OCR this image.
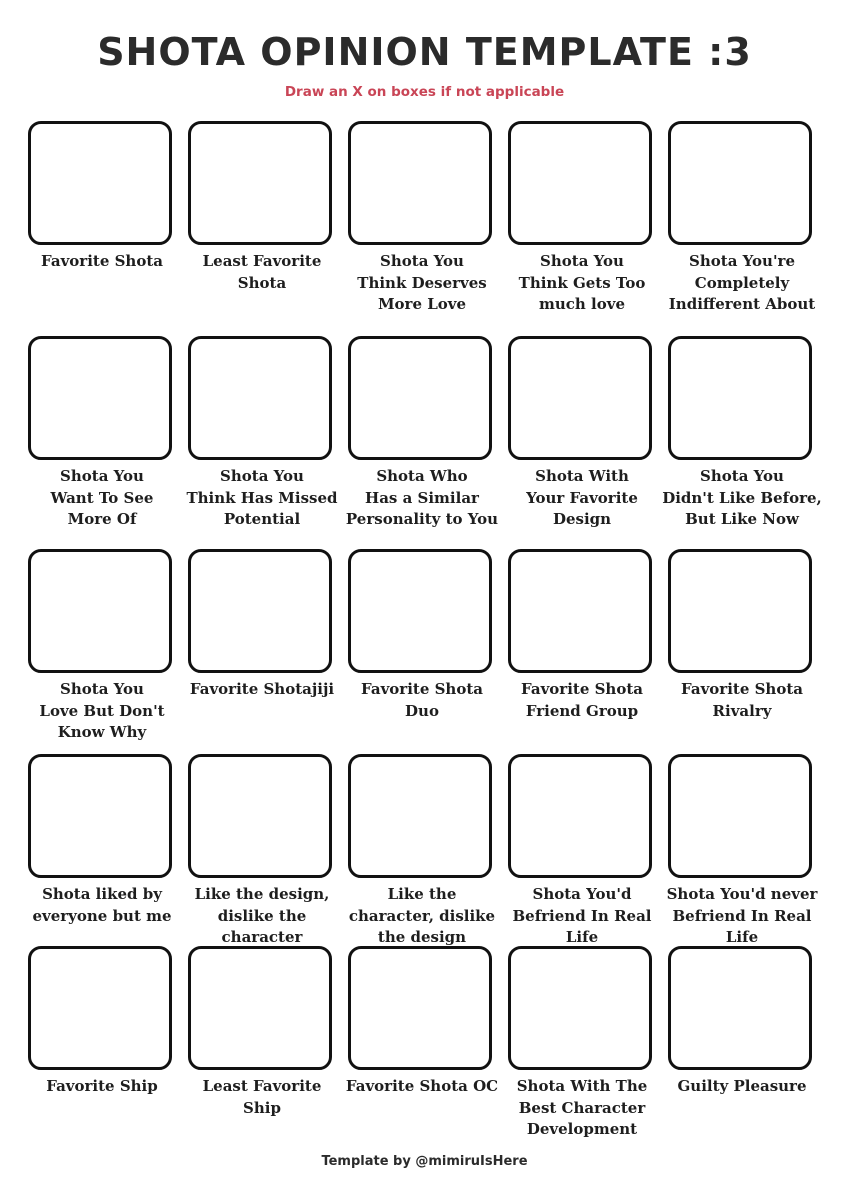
SHOTA OPINION TEMPLATE :3
Draw an X on boxes if not applicable
Favorite Shota	Least Favorite
Shota
Shota You
Think Deserves
More Love
Shota You
Think Gets Too
much love
Shota You're
Completely
Indifferent About
Shota You
Want To See
More Of
Shota You
Think Has Missed
Potential
Shota Who
Has a Similar
Personality to You
Shota With
Your Favorite
Design
Shota You
Didn't Like Before,
But Like Now
Shota You
Love But Don't
Know Why
Favorite Shotajiji	Favorite Shota
Duo
Favorite Shota
Friend Group
Favorite Shota
Rivalry
Shota liked by
everyone but me
Like the design,
dislike the
character
Like the
character, dislike
the design
Shota You'd
Befriend In Real
Life
Shota You'd never
Befriend In Real
Life
Favorite Ship	Least Favorite
Ship
Favorite Shota OC	Shota With The
Best Character
Development
Guilty Pleasure
Template by @mimiruIsHere
